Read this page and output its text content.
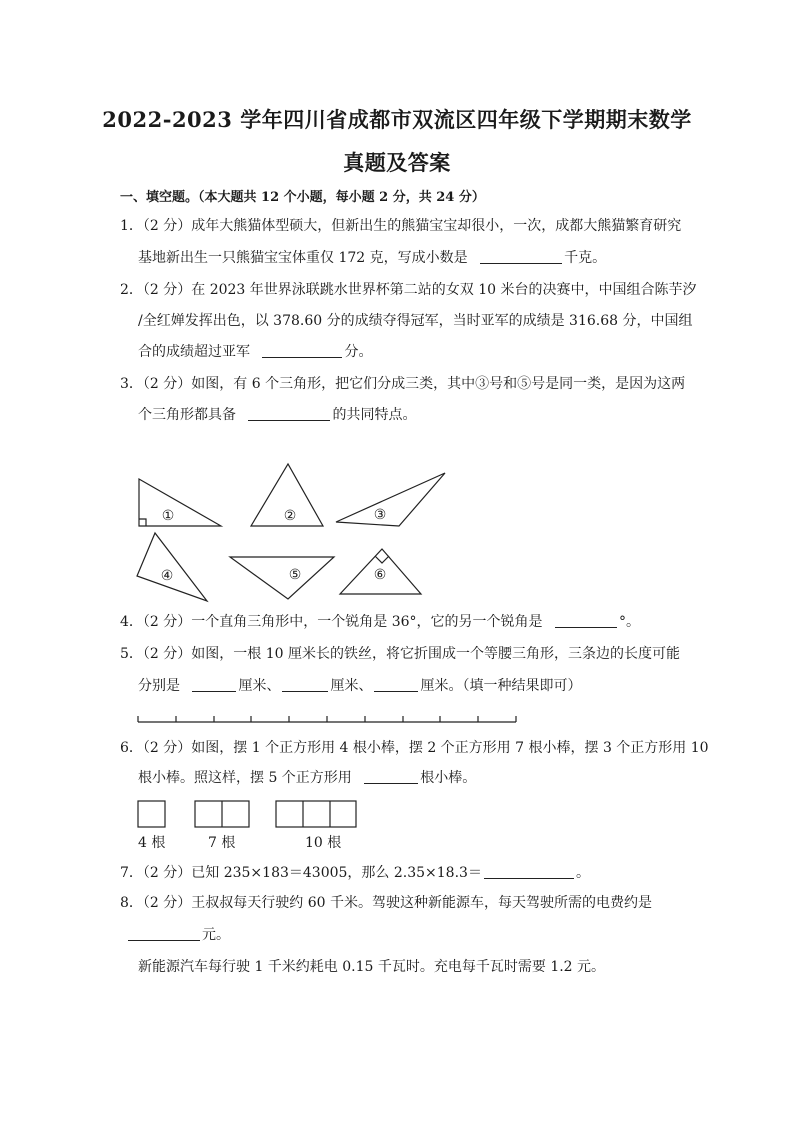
2022-2023 学年四川省成都市双流区四年级下学期期末数学
真题及答案
一、填空题。（本大题共 12 个小题，每小题 2 分，共 24 分）
1．（2 分）成年大熊猫体型硕大，但新出生的熊猫宝宝却很小，一次，成都大熊猫繁育研究
基地新出生一只熊猫宝宝体重仅 172 克，写成小数是	千克。
2．（2 分）在 2023 年世界泳联跳水世界杯第二站的女双 10 米台的决赛中，中国组合陈芋汐
/全红婵发挥出色，以 378.60 分的成绩夺得冠军，当时亚军的成绩是 316.68 分，中国组
合的成绩超过亚军	分。
3．（2 分）如图，有 6 个三角形，把它们分成三类，其中③号和⑤号是同一类，是因为这两
个三角形都具备	的共同特点。
①	②	③
④	⑤	⑥
4．（2 分）一个直角三角形中，一个锐角是 36°，它的另一个锐角是	°。
5．（2 分）如图，一根 10 厘米长的铁丝，将它折围成一个等腰三角形，三条边的长度可能
分别是	厘米、	厘米、	厘米。（填一种结果即可）
6．（2 分）如图，摆 1 个正方形用 4 根小棒，摆 2 个正方形用 7 根小棒，摆 3 个正方形用 10
根小棒。照这样，摆 5 个正方形用	根小棒。
4 根	7 根	10 根
7．（2 分）已知 235×183＝43005，那么 2.35×18.3＝	。
8．（2 分）王叔叔每天行驶约 60 千米。驾驶这种新能源车，每天驾驶所需的电费约是
元。
新能源汽车每行驶 1 千米约耗电 0.15 千瓦时。充电每千瓦时需要 1.2 元。
